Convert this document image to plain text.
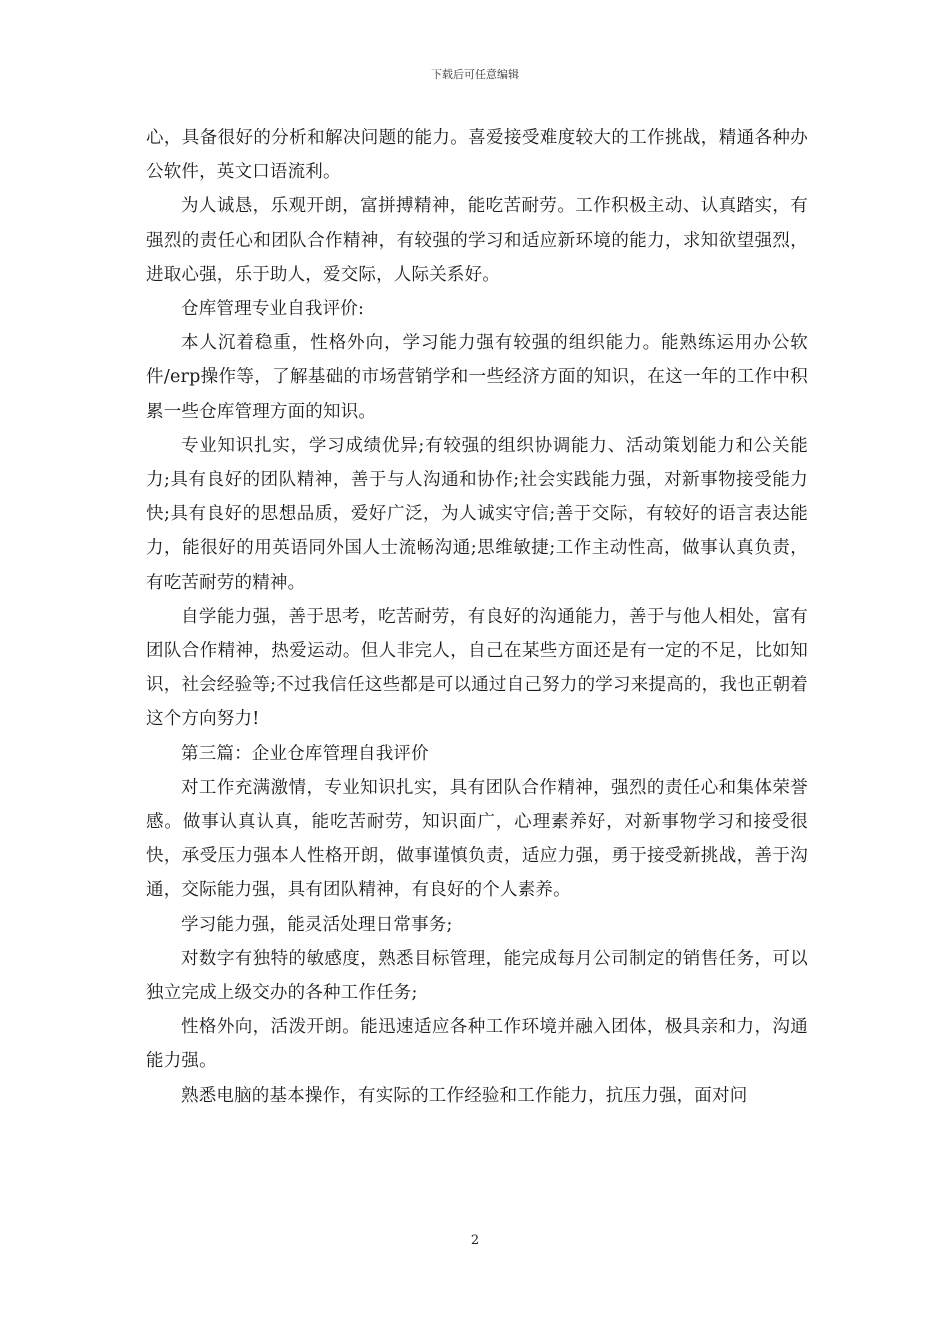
下载后可任意编辑

心，具备很好的分析和解决问题的能力。喜爱接受难度较大的工作挑战，精通各种办公软件，英文口语流利。

为人诚恳，乐观开朗，富拼搏精神，能吃苦耐劳。工作积极主动、认真踏实，有强烈的责任心和团队合作精神，有较强的学习和适应新环境的能力，求知欲望强烈，进取心强，乐于助人，爱交际，人际关系好。

仓库管理专业自我评价:

本人沉着稳重，性格外向，学习能力强有较强的组织能力。能熟练运用办公软件/erp操作等，了解基础的市场营销学和一些经济方面的知识，在这一年的工作中积累一些仓库管理方面的知识。

专业知识扎实，学习成绩优异;有较强的组织协调能力、活动策划能力和公关能力;具有良好的团队精神，善于与人沟通和协作;社会实践能力强，对新事物接受能力快;具有良好的思想品质，爱好广泛，为人诚实守信;善于交际，有较好的语言表达能力，能很好的用英语同外国人士流畅沟通;思维敏捷;工作主动性高，做事认真负责，有吃苦耐劳的精神。

自学能力强，善于思考，吃苦耐劳，有良好的沟通能力，善于与他人相处，富有团队合作精神，热爱运动。但人非完人，自己在某些方面还是有一定的不足，比如知识，社会经验等;不过我信任这些都是可以通过自己努力的学习来提高的，我也正朝着这个方向努力!

第三篇：企业仓库管理自我评价

对工作充满激情，专业知识扎实，具有团队合作精神，强烈的责任心和集体荣誉感。做事认真认真，能吃苦耐劳，知识面广，心理素养好，对新事物学习和接受很快，承受压力强本人性格开朗，做事谨慎负责，适应力强，勇于接受新挑战，善于沟通，交际能力强，具有团队精神，有良好的个人素养。

学习能力强，能灵活处理日常事务;

对数字有独特的敏感度，熟悉目标管理，能完成每月公司制定的销售任务，可以独立完成上级交办的各种工作任务;

性格外向，活泼开朗。能迅速适应各种工作环境并融入团体，极具亲和力，沟通能力强。

熟悉电脑的基本操作，有实际的工作经验和工作能力，抗压力强，面对问

2
